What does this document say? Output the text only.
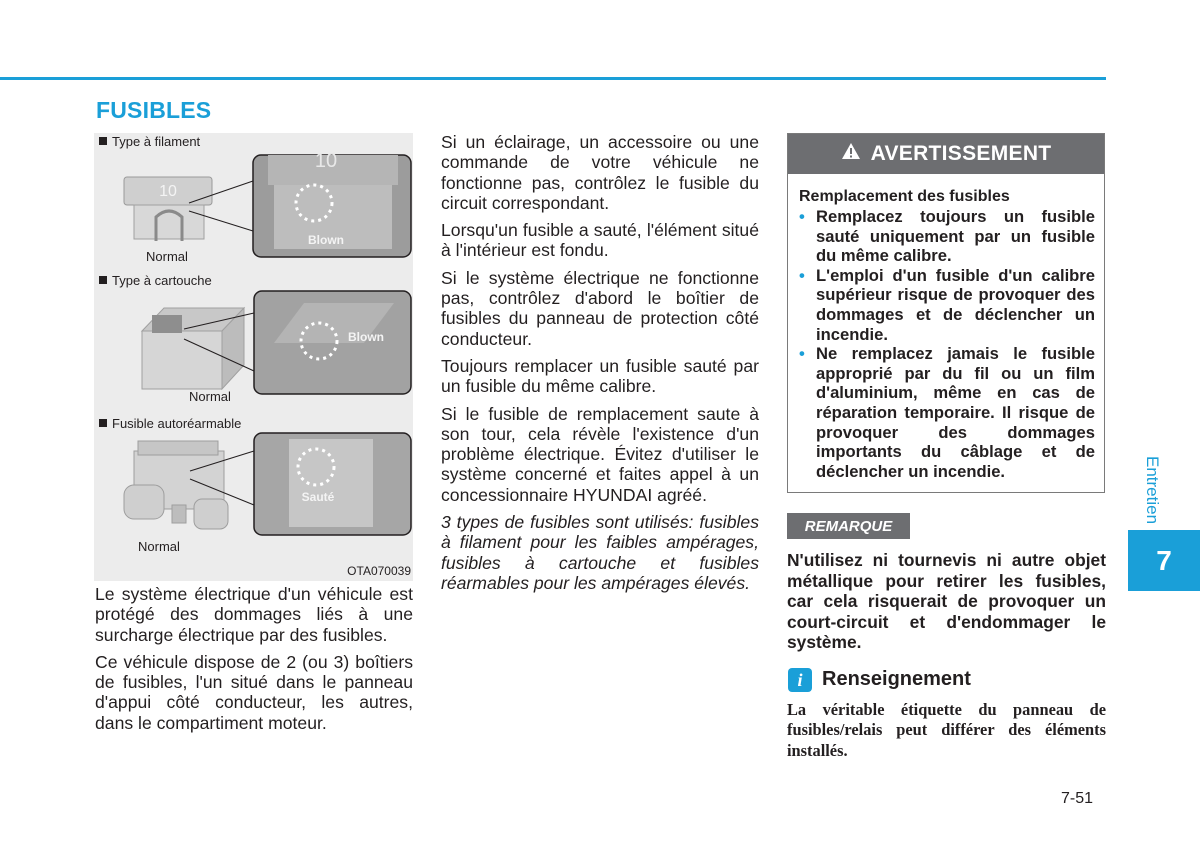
FUSIBLES
10
Blown
10
Blown
Sauté
Type à filament
Normal
Type à cartouche
Normal
Fusible autoréarmable
Normal
OTA070039

Le système électrique d'un véhicule est protégé des dommages liés à une surcharge électrique par des fusibles.

Ce véhicule dispose de 2 (ou 3) boîtiers de fusibles, l'un situé dans le panneau d'appui côté conducteur, les autres, dans le compartiment moteur.

Si un éclairage, un accessoire ou une commande de votre véhicule ne fonctionne pas, contrôlez le fusible du circuit correspondant.

Lorsqu'un fusible a sauté, l'élément situé à l'intérieur est fondu.

Si le système électrique ne fonctionne pas, contrôlez d'abord le boîtier de fusibles du panneau de protection côté conducteur.

Toujours remplacer un fusible sauté par un fusible du même calibre.

Si le fusible de remplacement saute à son tour, cela révèle l'existence d'un problème électrique. Évitez d'utiliser le système concerné et faites appel à un concessionnaire HYUNDAI agréé.

3 types de fusibles sont utilisés: fusibles à filament pour les faibles ampérages, fusibles à cartouche et fusibles réarmables pour les ampérages élevés.

AVERTISSEMENT
Remplacement des fusibles
• Remplacez toujours un fusible sauté uniquement par un fusible du même calibre.
• L'emploi d'un fusible d'un calibre supérieur risque de provoquer des dommages et de déclencher un incendie.
• Ne remplacez jamais le fusible approprié par du fil ou un film d'aluminium, même en cas de réparation temporaire. Il risque de provoquer des dommages importants du câblage et de déclencher un incendie.
REMARQUE
N'utilisez ni tournevis ni autre objet métallique pour retirer les fusibles, car cela risquerait de provoquer un court-circuit et d'endommager le système.
i Renseignement
La véritable étiquette du panneau de fusibles/relais peut différer des éléments installés.
Entretien
7
7-51
